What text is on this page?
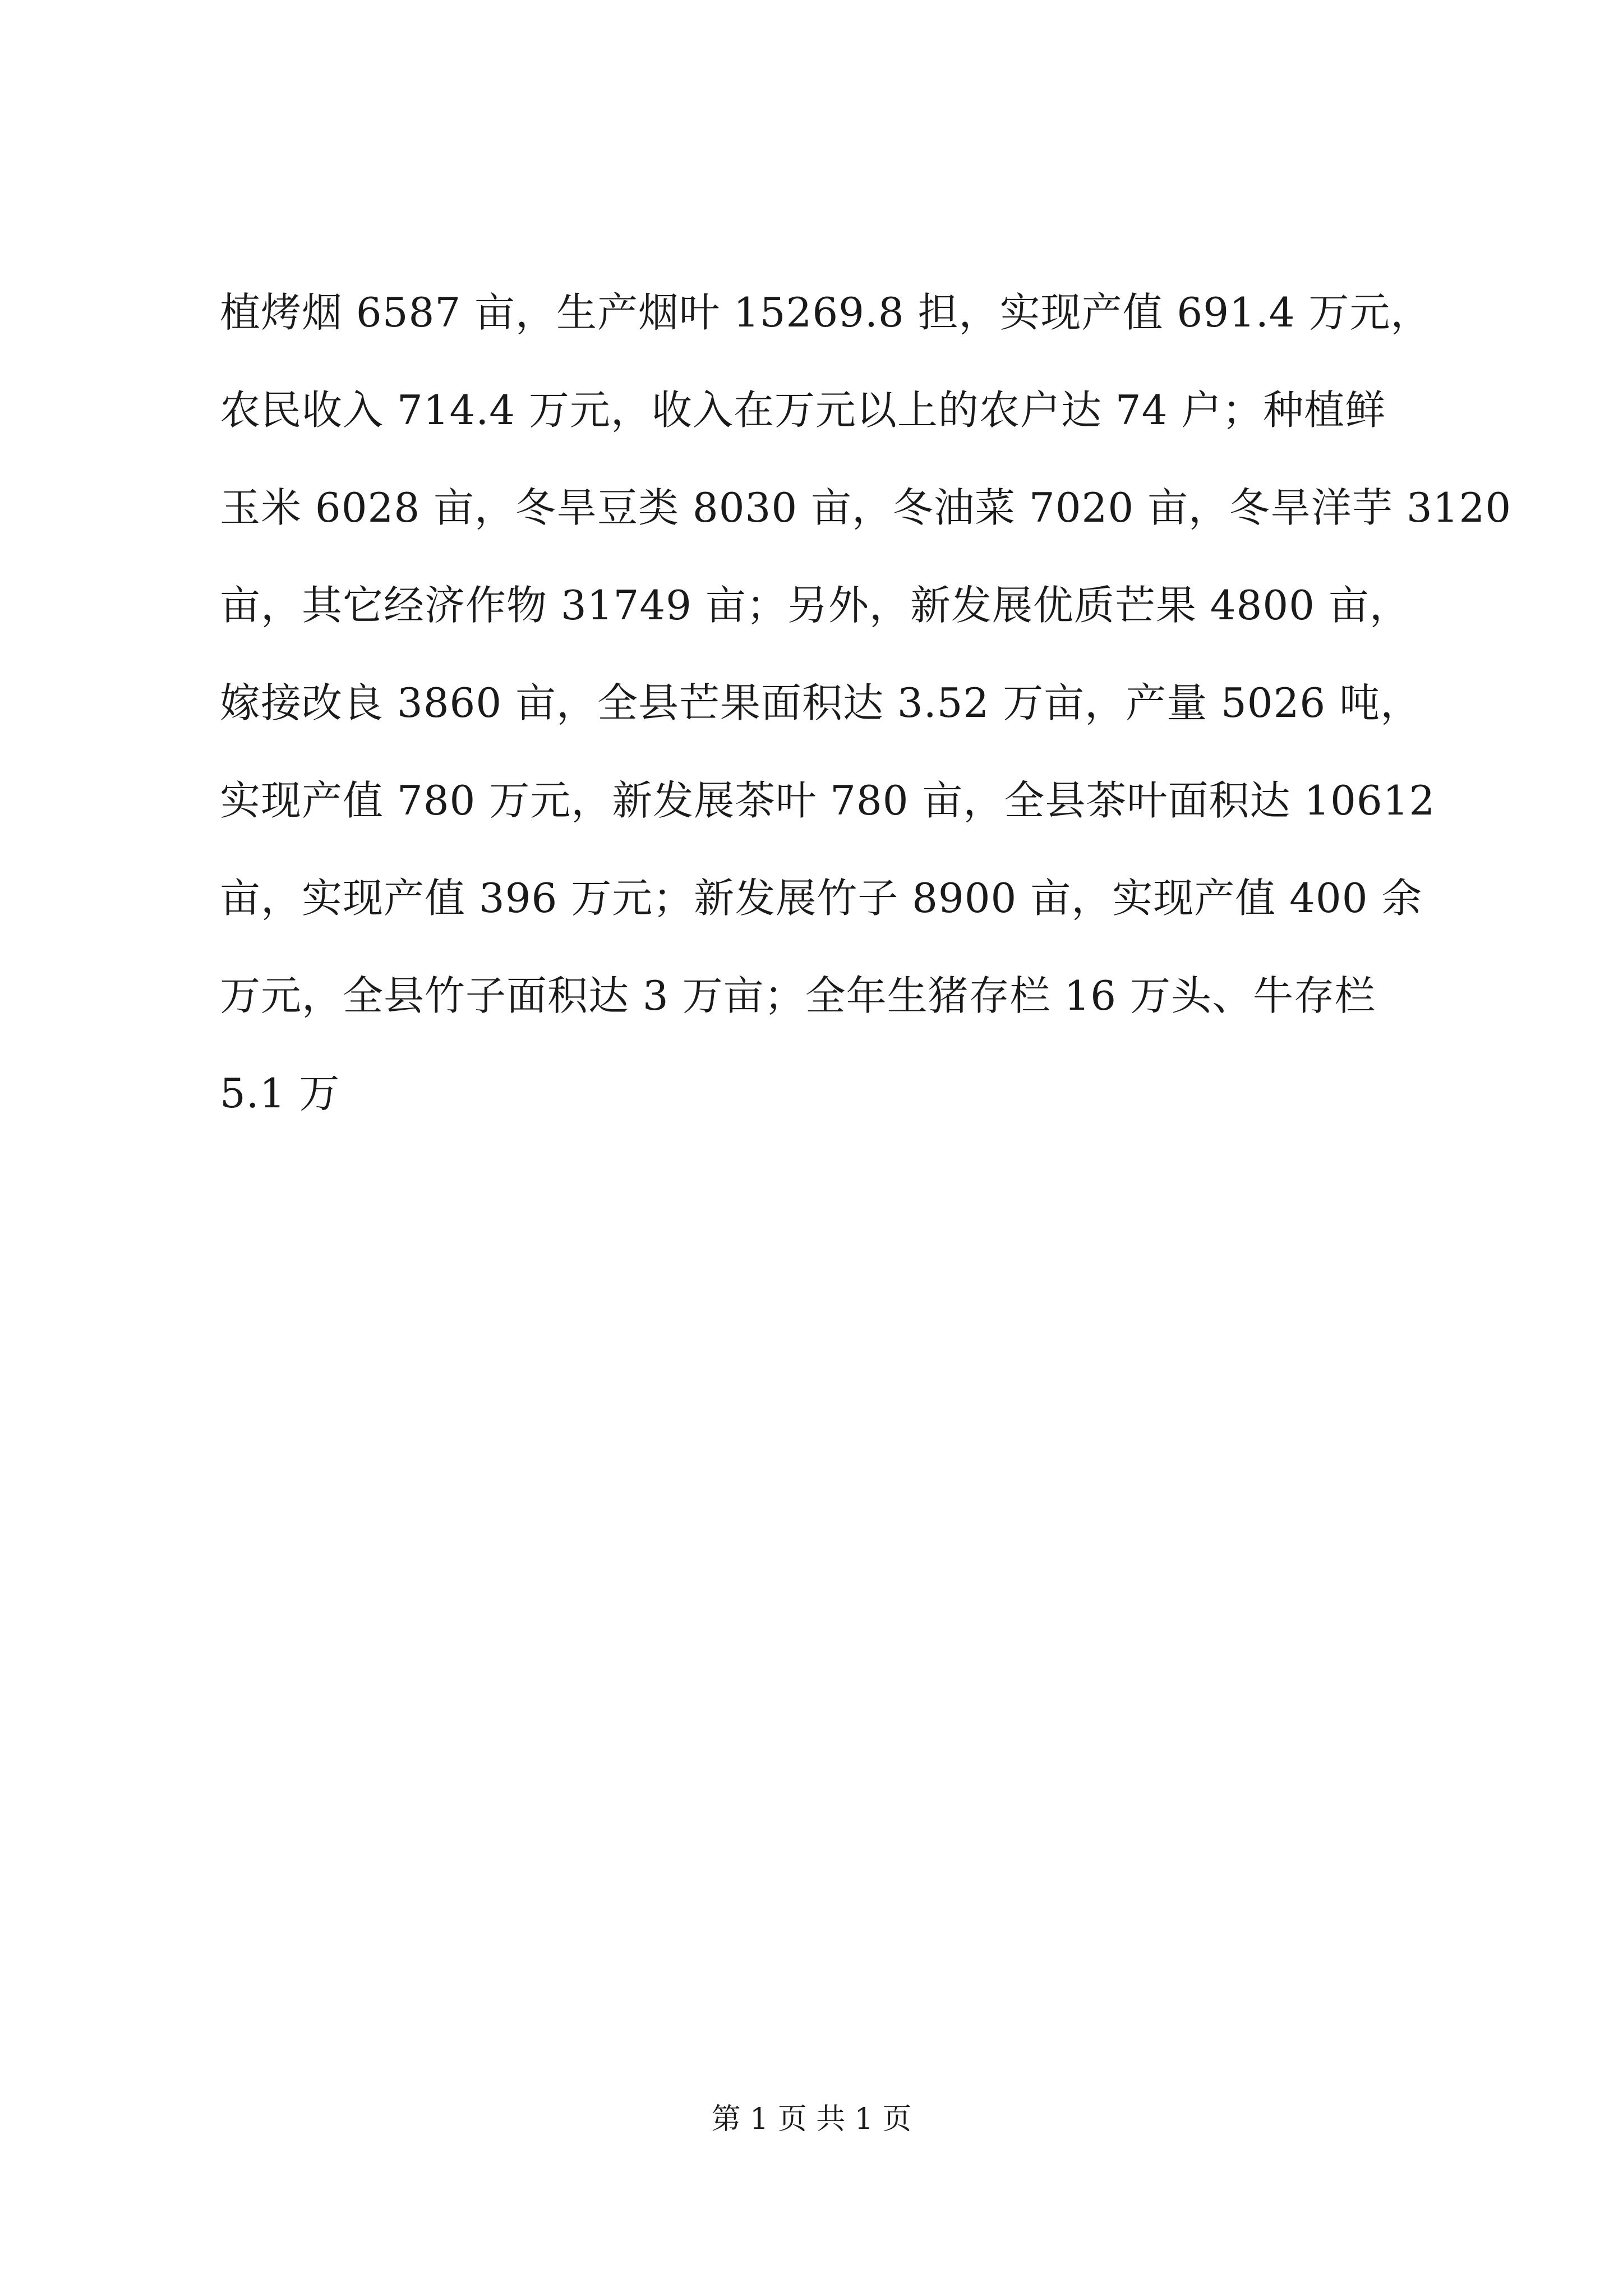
植烤烟 6587 亩，生产烟叶 15269.8 担，实现产值 691.4 万元，
农民收入 714.4 万元，收入在万元以上的农户达 74 户；种植鲜
玉米 6028 亩，冬旱豆类 8030 亩，冬油菜 7020 亩，冬旱洋芋 3120
亩，其它经济作物 31749 亩；另外，新发展优质芒果 4800 亩，
嫁接改良 3860 亩，全县芒果面积达 3.52 万亩，产量 5026 吨，
实现产值 780 万元，新发展茶叶 780 亩，全县茶叶面积达 10612
亩，实现产值 396 万元；新发展竹子 8900 亩，实现产值 400 余
万元，全县竹子面积达 3 万亩；全年生猪存栏 16 万头、牛存栏
5.1 万
第 1 页 共 1 页
